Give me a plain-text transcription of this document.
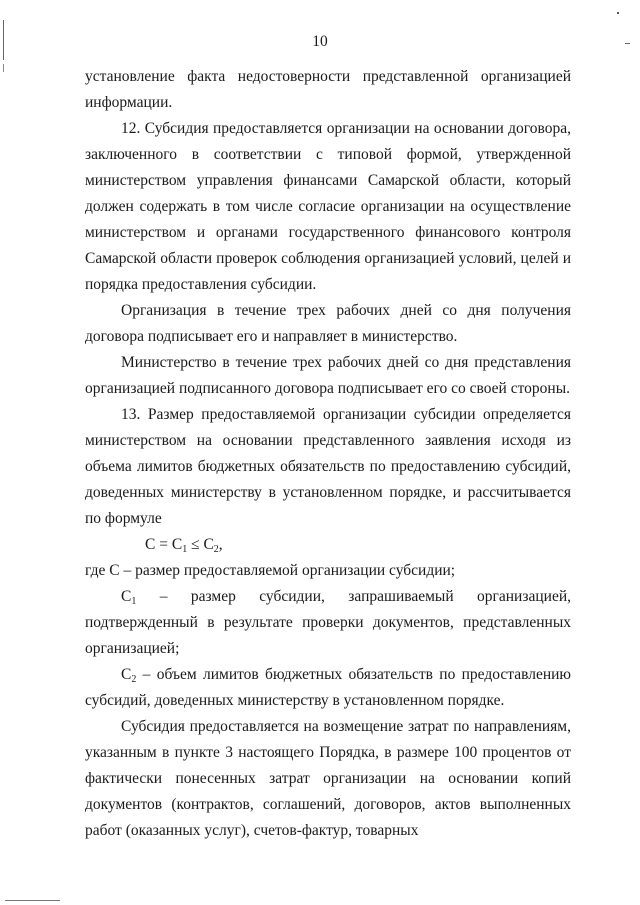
10

установление факта недостоверности представленной организацией информации.

12. Субсидия предоставляется организации на основании договора, заключенного в соответствии с типовой формой, утвержденной министерством управления финансами Самарской области, который должен содержать в том числе согласие организации на осуществление министерством и органами государственного финансового контроля Самарской области проверок соблюдения организацией условий, целей и порядка предоставления субсидии.

Организация в течение трех рабочих дней со дня получения договора подписывает его и направляет в министерство.

Министерство в течение трех рабочих дней со дня представления организацией подписанного договора подписывает его со своей стороны.

13. Размер предоставляемой организации субсидии определяется министерством на основании представленного заявления исходя из объема лимитов бюджетных обязательств по предоставлению субсидий, доведенных министерству в установленном порядке, и рассчитывается по формуле

$С = С_1 \le С_2$,

где С – размер предоставляемой организации субсидии;

$С_1$ – размер субсидии, запрашиваемый организацией, подтвержденный в результате проверки документов, представленных организацией;

$С_2$ – объем лимитов бюджетных обязательств по предоставлению субсидий, доведенных министерству в установленном порядке.

Субсидия предоставляется на возмещение затрат по направлениям, указанным в пункте 3 настоящего Порядка, в размере 100 процентов от фактически понесенных затрат организации на основании копий документов (контрактов, соглашений, договоров, актов выполненных работ (оказанных услуг), счетов-фактур, товарных
